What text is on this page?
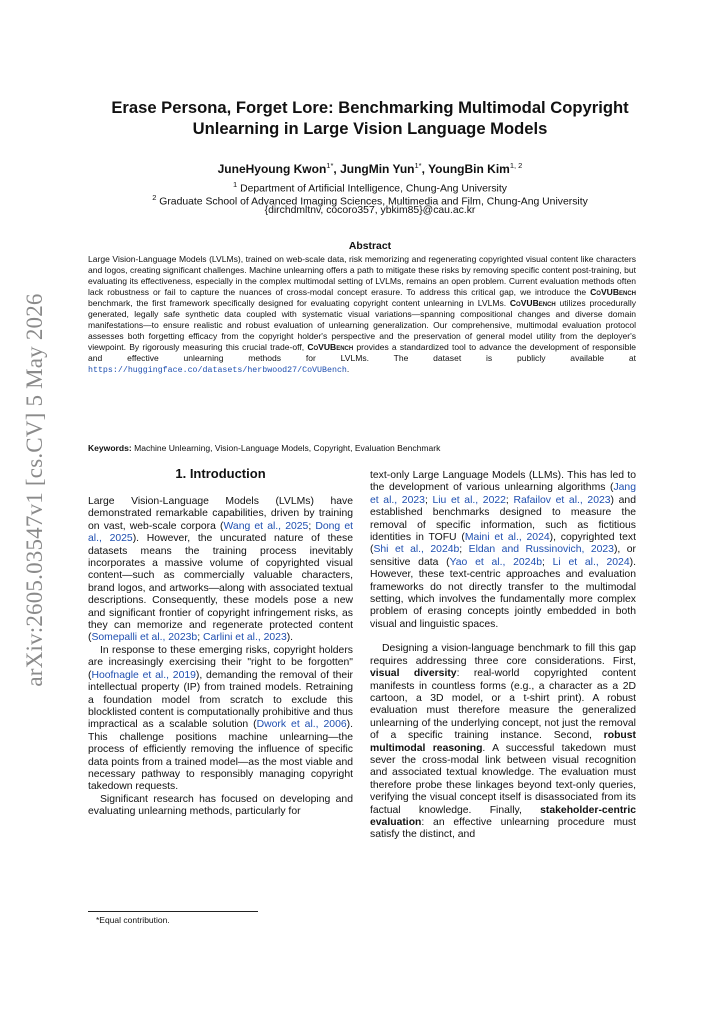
arXiv:2605.03547v1 [cs.CV] 5 May 2026
Erase Persona, Forget Lore: Benchmarking Multimodal Copyright
Unlearning in Large Vision Language Models
JuneHyoung Kwon$^{1*}$, JungMin Yun$^{1*}$, YoungBin Kim$^{1, 2}$
$^1$ Department of Artificial Intelligence, Chung-Ang University
$^2$ Graduate School of Advanced Imaging Sciences, Multimedia and Film, Chung-Ang University
{dirchdmltnv, cocoro357, ybkim85}@cau.ac.kr
Abstract
Large Vision-Language Models (LVLMs), trained on web-scale data, risk memorizing and regenerating copyrighted visual content like characters and logos, creating significant challenges. Machine unlearning offers a path to mitigate these risks by removing specific content post-training, but evaluating its effectiveness, especially in the complex multimodal setting of LVLMs, remains an open problem. Current evaluation methods often lack robustness or fail to capture the nuances of cross-modal concept erasure. To address this critical gap, we introduce the CoVUBench benchmark, the first framework specifically designed for evaluating copyright content unlearning in LVLMs. CoVUBench utilizes procedurally generated, legally safe synthetic data coupled with systematic visual variations—spanning compositional changes and diverse domain manifestations—to ensure realistic and robust evaluation of unlearning generalization. Our comprehensive, multimodal evaluation protocol assesses both forgetting efficacy from the copyright holder's perspective and the preservation of general model utility from the deployer's viewpoint. By rigorously measuring this crucial trade-off, CoVUBench provides a standardized tool to advance the development of responsible and effective unlearning methods for LVLMs. The dataset is publicly available at https://huggingface.co/datasets/herbwood27/CoVUBench.
Keywords: Machine Unlearning, Vision-Language Models, Copyright, Evaluation Benchmark
1. Introduction

Large Vision-Language Models (LVLMs) have demonstrated remarkable capabilities, driven by training on vast, web-scale corpora (Wang et al., 2025; Dong et al., 2025). However, the uncurated nature of these datasets means the training process inevitably incorporates a massive volume of copyrighted visual content—such as commercially valuable characters, brand logos, and artworks—along with associated textual descriptions. Consequently, these models pose a new and significant frontier of copyright infringement risks, as they can memorize and regenerate protected content (Somepalli et al., 2023b; Carlini et al., 2023).

In response to these emerging risks, copyright holders are increasingly exercising their "right to be forgotten" (Hoofnagle et al., 2019), demanding the removal of their intellectual property (IP) from trained models. Retraining a foundation model from scratch to exclude this blocklisted content is computationally prohibitive and thus impractical as a scalable solution (Dwork et al., 2006). This challenge positions machine unlearning—the process of efficiently removing the influence of specific data points from a trained model—as the most viable and necessary pathway to responsibly managing copyright takedown requests.

Significant research has focused on developing and evaluating unlearning methods, particularly for

text-only Large Language Models (LLMs). This has led to the development of various unlearning algorithms (Jang et al., 2023; Liu et al., 2022; Rafailov et al., 2023) and established benchmarks designed to measure the removal of specific information, such as fictitious identities in TOFU (Maini et al., 2024), copyrighted text (Shi et al., 2024b; Eldan and Russinovich, 2023), or sensitive data (Yao et al., 2024b; Li et al., 2024). However, these text-centric approaches and evaluation frameworks do not directly transfer to the multimodal setting, which involves the fundamentally more complex problem of erasing concepts jointly embedded in both visual and linguistic spaces.

Designing a vision-language benchmark to fill this gap requires addressing three core considerations. First, visual diversity: real-world copyrighted content manifests in countless forms (e.g., a character as a 2D cartoon, a 3D model, or a t-shirt print). A robust evaluation must therefore measure the generalized unlearning of the underlying concept, not just the removal of a specific training instance. Second, robust multimodal reasoning. A successful takedown must sever the cross-modal link between visual recognition and associated textual knowledge. The evaluation must therefore probe these linkages beyond text-only queries, verifying the visual concept itself is disassociated from its factual knowledge. Finally, stakeholder-centric evaluation: an effective unlearning procedure must satisfy the distinct, and

*Equal contribution.
